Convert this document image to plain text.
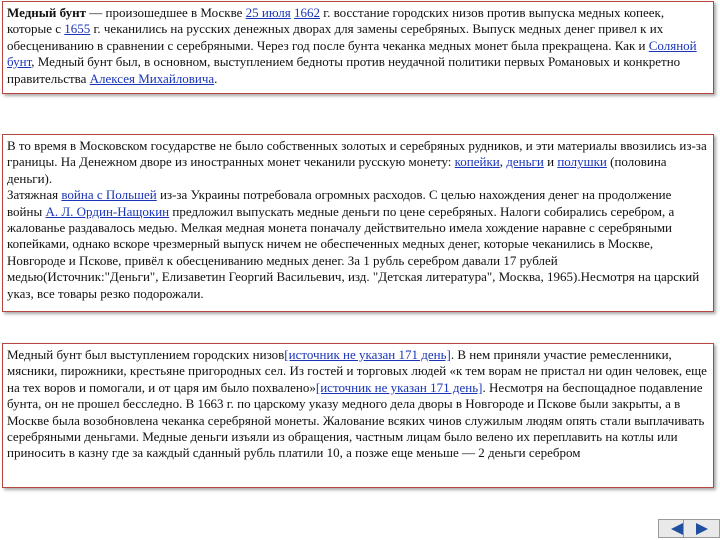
Медный бунт — произошедшее в Москве 25 июля 1662 г. восстание городских низов против выпуска медных копеек, которые с 1655 г. чеканились на русских денежных дворах для замены серебряных. Выпуск медных денег привел к их обесцениванию в сравнении с серебряными. Через год после бунта чеканка медных монет была прекращена. Как и Соляной бунт, Медный бунт был, в основном, выступлением бедноты против неудачной политики первых Романовых и конкретно правительства Алексея Михайловича.
В то время в Московском государстве не было собственных золотых и серебряных рудников, и эти материалы ввозились из-за границы. На Денежном дворе из иностранных монет чеканили русскую монету: копейки, деньги и полушки (половина деньги).
Затяжная война с Польшей из-за Украины потребовала огромных расходов. С целью нахождения денег на продолжение войны А. Л. Ордин-Нащокин предложил выпускать медные деньги по цене серебряных. Налоги собирались серебром, а жалованье раздавалось медью. Мелкая медная монета поначалу действительно имела хождение наравне с серебряными копейками, однако вскоре чрезмерный выпуск ничем не обеспеченных медных денег, которые чеканились в Москве, Новгороде и Пскове, привёл к обесцениванию медных денег. За 1 рубль серебром давали 17 рублей медью(Источник:"Деньги", Елизаветин Георгий Васильевич, изд. "Детская литература", Москва, 1965).Несмотря на царский указ, все товары резко подорожали.
Медный бунт был выступлением городских низов[источник не указан 171 день]. В нем приняли участие ремесленники, мясники, пирожники, крестьяне пригородных сел. Из гостей и торговых людей «к тем ворам не пристал ни один человек, еще на тех воров и помогали, и от царя им было похвалено»[источник не указан 171 день]. Несмотря на беспощадное подавление бунта, он не прошел бесследно. В 1663 г. по царскому указу медного дела дворы в Новгороде и Пскове были закрыты, а в Москве была возобновлена чеканка серебряной монеты. Жалование всяких чинов служилым людям опять стали выплачивать серебряными деньгами. Медные деньги изъяли из обращения, частным лицам было велено их переплавить на котлы или приносить в казну где за каждый сданный рубль платили 10, а позже еще меньше — 2 деньги серебром
